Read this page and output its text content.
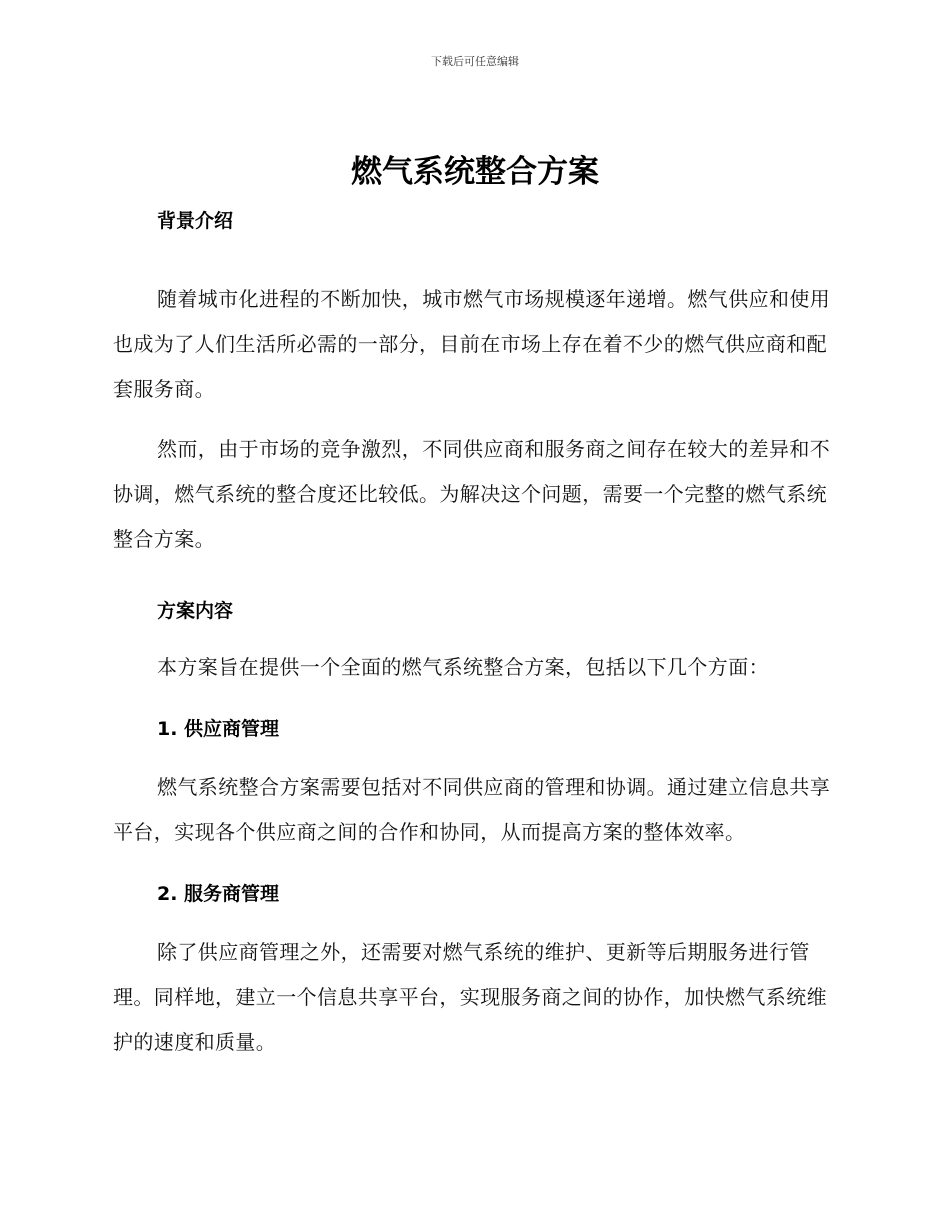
下载后可任意编辑
燃气系统整合方案
背景介绍

随着城市化进程的不断加快，城市燃气市场规模逐年递增。燃气供应和使用也成为了人们生活所必需的一部分，目前在市场上存在着不少的燃气供应商和配套服务商。

然而，由于市场的竞争激烈，不同供应商和服务商之间存在较大的差异和不协调，燃气系统的整合度还比较低。为解决这个问题，需要一个完整的燃气系统整合方案。

方案内容

本方案旨在提供一个全面的燃气系统整合方案，包括以下几个方面：

1. 供应商管理

燃气系统整合方案需要包括对不同供应商的管理和协调。通过建立信息共享平台，实现各个供应商之间的合作和协同，从而提高方案的整体效率。

2. 服务商管理

除了供应商管理之外，还需要对燃气系统的维护、更新等后期服务进行管理。同样地，建立一个信息共享平台，实现服务商之间的协作，加快燃气系统维护的速度和质量。
